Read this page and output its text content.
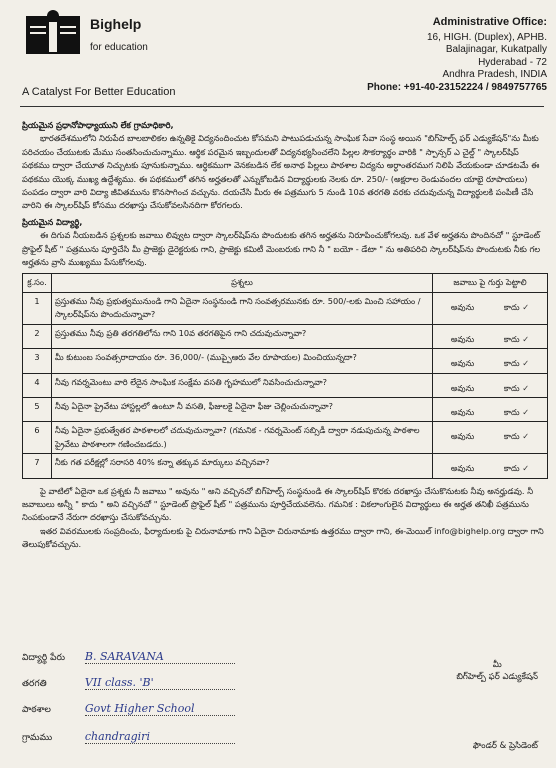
Bighelp
for education
A Catalyst For Better Education
Administrative Office:
16, HIGH. (Duplex), APHB.
Balajinagar, Kukatpally
Hyderabad - 72
Andhra Pradesh, INDIA
Phone: +91-40-23152224 / 9849757765

ప్రియమైన ప్రధానోపాధ్యాయుని లేక గ్రామాధికారి,

భారతదేశములోని నిరుపేద బాలబాలికల ఉన్నతికై విద్యనందించుట కోసమని పాటుపడుచున్న సాంఘిక సేవా సంస్థ అయిన "బిగ్‌హెల్ప్ ఫర్ ఎడ్యుకేషన్"ను మీకు పరిచయం చేయుటకు మేము సంతసించుచున్నాము. ఆర్థిక పరమైన ఇబ్బందులతో విద్యనభ్యసించలేని పిల్లల సౌకర్యార్థం వారికి " స్పాన్సర్ ఎ చైల్డ్ " స్కాలర్‌షిప్ పథకము ద్వారా చేయూత నిచ్చుటకు పూనుకున్నాము. ఆర్థికముగా వెనకబడిన లేక అనాథ పిల్లలు పాఠశాల విద్యను అర్ధాంతరముగ నిలిపి వేయకుండా చూడటమే ఈ పథకము యొక్క ముఖ్య ఉద్దేశ్యము. ఈ పథకములో తగిన అర్హతలతో ఎన్నుకోబడిన విద్యార్థులకు నెలకు రూ. 250/- (అక్షరాల రెండువందల యాభై రూపాయలు) పంపడం ద్వారా వారి విద్యా జీవితమును కొనసాగించ వచ్చును. దయచేసి మీరు ఈ పత్రముగు 5 నుండి 10వ తరగతి వరకు చదువుచున్న విద్యార్థులకి పంపిణీ చేసి వారిని ఈ స్కాలర్‌షిప్ కోసము దరఖాస్తు చేసుకోవలసినదిగా కోరగలరు.

ప్రియమైన విద్యార్థి,

ఈ దిగువ నీయబడిన ప్రశ్నలకు జవాబు లివ్వుట ద్వారా స్కాలర్‌షిప్‌ను పొందుటకు తగిన అర్హతను నిరూపించుకోగలవు. ఒక వేళ అర్హతను పొందినచో " స్టూడెంట్ ప్రొఫైల్ షీట్ " పత్రమును పూర్తిచేసి మీ ప్రాజెక్టు డైరెక్టరుకు గాని, ప్రాజెక్టు కమిటీ మెంబరుకు గాని నీ " బయో - డేటా " ను అతిపరిచి స్కాలర్‌షిప్‌ను పొందుటకు నీకు గల అర్హతను వ్రాసి ముఖ్యము పేసుకోగలవు.

క్ర.సం.	ప్రశ్నలు	జవాబు పై గుర్తు పెట్టాలి
1	ప్రస్తుతము నీవు ప్రభుత్వమునుండి గాని ఏదైనా సంస్థనుండి గాని సంవత్సరమునకు రూ. 500/-లకు మించి సహాయం / స్కాలర్‌షిప్‌ను పొందుచున్నావా?	అవును కాదు ✓

2	ప్రస్తుతము నీవు ప్రతి తరగతిలోను గాని 10వ తరగతిపైన గాని చదువుచున్నావా?	అవును కాదు ✓

3	మీ కుటుంబ సంవత్సరాదాయం రూ. 36,000/- (ముప్పైఆరు వేల రూపాయల) మించియున్నదా?	అవును కాదు ✓

4	నీవు గవర్నమెంటు వారి లేదైన సాంఘిక సంక్షేమ వసతి గృహములో నివసించుచున్నావా?	అవును కాదు ✓

5	నీవు ఏదైనా ప్రైవేటు హాస్టల్లలో ఉంటూ నీ వసతి, ఫీజులకై ఏదైనా ఫీజు చెల్లించుచున్నావా?	అవును కాదు ✓

6	నీవు ఏదైనా ప్రభుత్వేతర పాఠశాలలో చదువుచున్నావా? (గమనిక - గవర్నమెంట్ సబ్సిడీ ద్వారా నడుపుచున్న పాఠశాల ప్రైవేటు పాఠశాలగా గణించబడదు.)	అవును కాదు ✓

7	నీకు గత పరీక్షల్లో సరాసరి 40% కన్నా తక్కువ మార్కులు వచ్చినవా?	అవును కాదు ✓

పై వాటిలో ఏదైనా ఒక ప్రశ్నకు నీ జవాబు " అవును " అని వచ్చినచో బిగ్‌హెల్ప్ సంస్థనుండి ఈ స్కాలర్‌షిప్ కొరకు దరఖాస్తు చేసుకొనుటకు నీవు అనర్హుడవు. నీ జవాబులు అన్నీ " కాదు " అని వచ్చినచో " స్టూడెంట్ ప్రొఫైల్ షీట్ " పత్రమును పూర్తిచేయవలెను. గమనిక : వికలాంగులైన విద్యార్థులు ఈ అర్హత తనిఖీ పత్రమును నింపకుండానే నేరుగా దరఖాస్తు చేసుకోవచ్చును.

ఇతర వివరములకు సంప్రదించు, ఫిర్యాదులకు పై చిరునామాకు గాని ఏదైనా చిరునామాకు ఉత్తరము ద్వారా గాని, ఈ-మెయిల్ info@bighelp.org ద్వారా గాని తెలుపుకోవచ్చును.

విద్యార్థి పేరు B. SARAVANA
తరగతి	VII class. 'B'
పాఠశాల	Govt Higher School
గ్రామము	chandragiri
మీ
బిగ్‌హెల్ప్ ఫర్ ఎడ్యుకేషన్
ఫౌండర్ & ప్రెసిడెంట్
